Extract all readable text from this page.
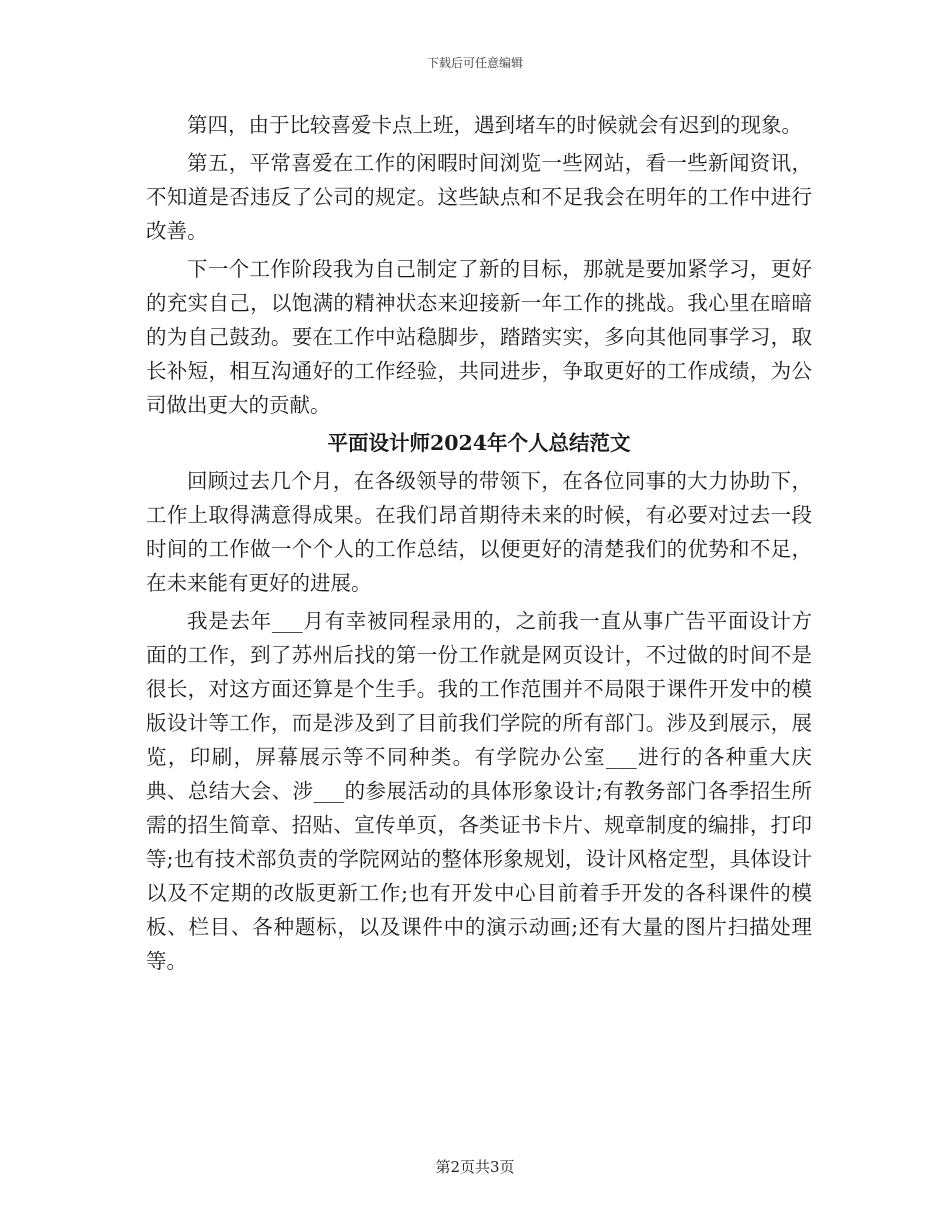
下载后可任意编辑

第四，由于比较喜爱卡点上班，遇到堵车的时候就会有迟到的现象。

第五，平常喜爱在工作的闲暇时间浏览一些网站，看一些新闻资讯，不知道是否违反了公司的规定。这些缺点和不足我会在明年的工作中进行改善。

下一个工作阶段我为自己制定了新的目标，那就是要加紧学习，更好的充实自己，以饱满的精神状态来迎接新一年工作的挑战。我心里在暗暗的为自己鼓劲。要在工作中站稳脚步，踏踏实实，多向其他同事学习，取长补短，相互沟通好的工作经验，共同进步，争取更好的工作成绩，为公司做出更大的贡献。

平面设计师2024年个人总结范文

回顾过去几个月，在各级领导的带领下，在各位同事的大力协助下，工作上取得满意得成果。在我们昂首期待未来的时候，有必要对过去一段时间的工作做一个个人的工作总结，以便更好的清楚我们的优势和不足，在未来能有更好的进展。

我是去年___月有幸被同程录用的，之前我一直从事广告平面设计方面的工作，到了苏州后找的第一份工作就是网页设计，不过做的时间不是很长，对这方面还算是个生手。我的工作范围并不局限于课件开发中的模版设计等工作，而是涉及到了目前我们学院的所有部门。涉及到展示，展览，印刷，屏幕展示等不同种类。有学院办公室___进行的各种重大庆典、总结大会、涉___的参展活动的具体形象设计;有教务部门各季招生所需的招生简章、招贴、宣传单页，各类证书卡片、规章制度的编排，打印等;也有技术部负责的学院网站的整体形象规划，设计风格定型，具体设计以及不定期的改版更新工作;也有开发中心目前着手开发的各科课件的模板、栏目、各种题标，以及课件中的演示动画;还有大量的图片扫描处理等。

第2页共3页
